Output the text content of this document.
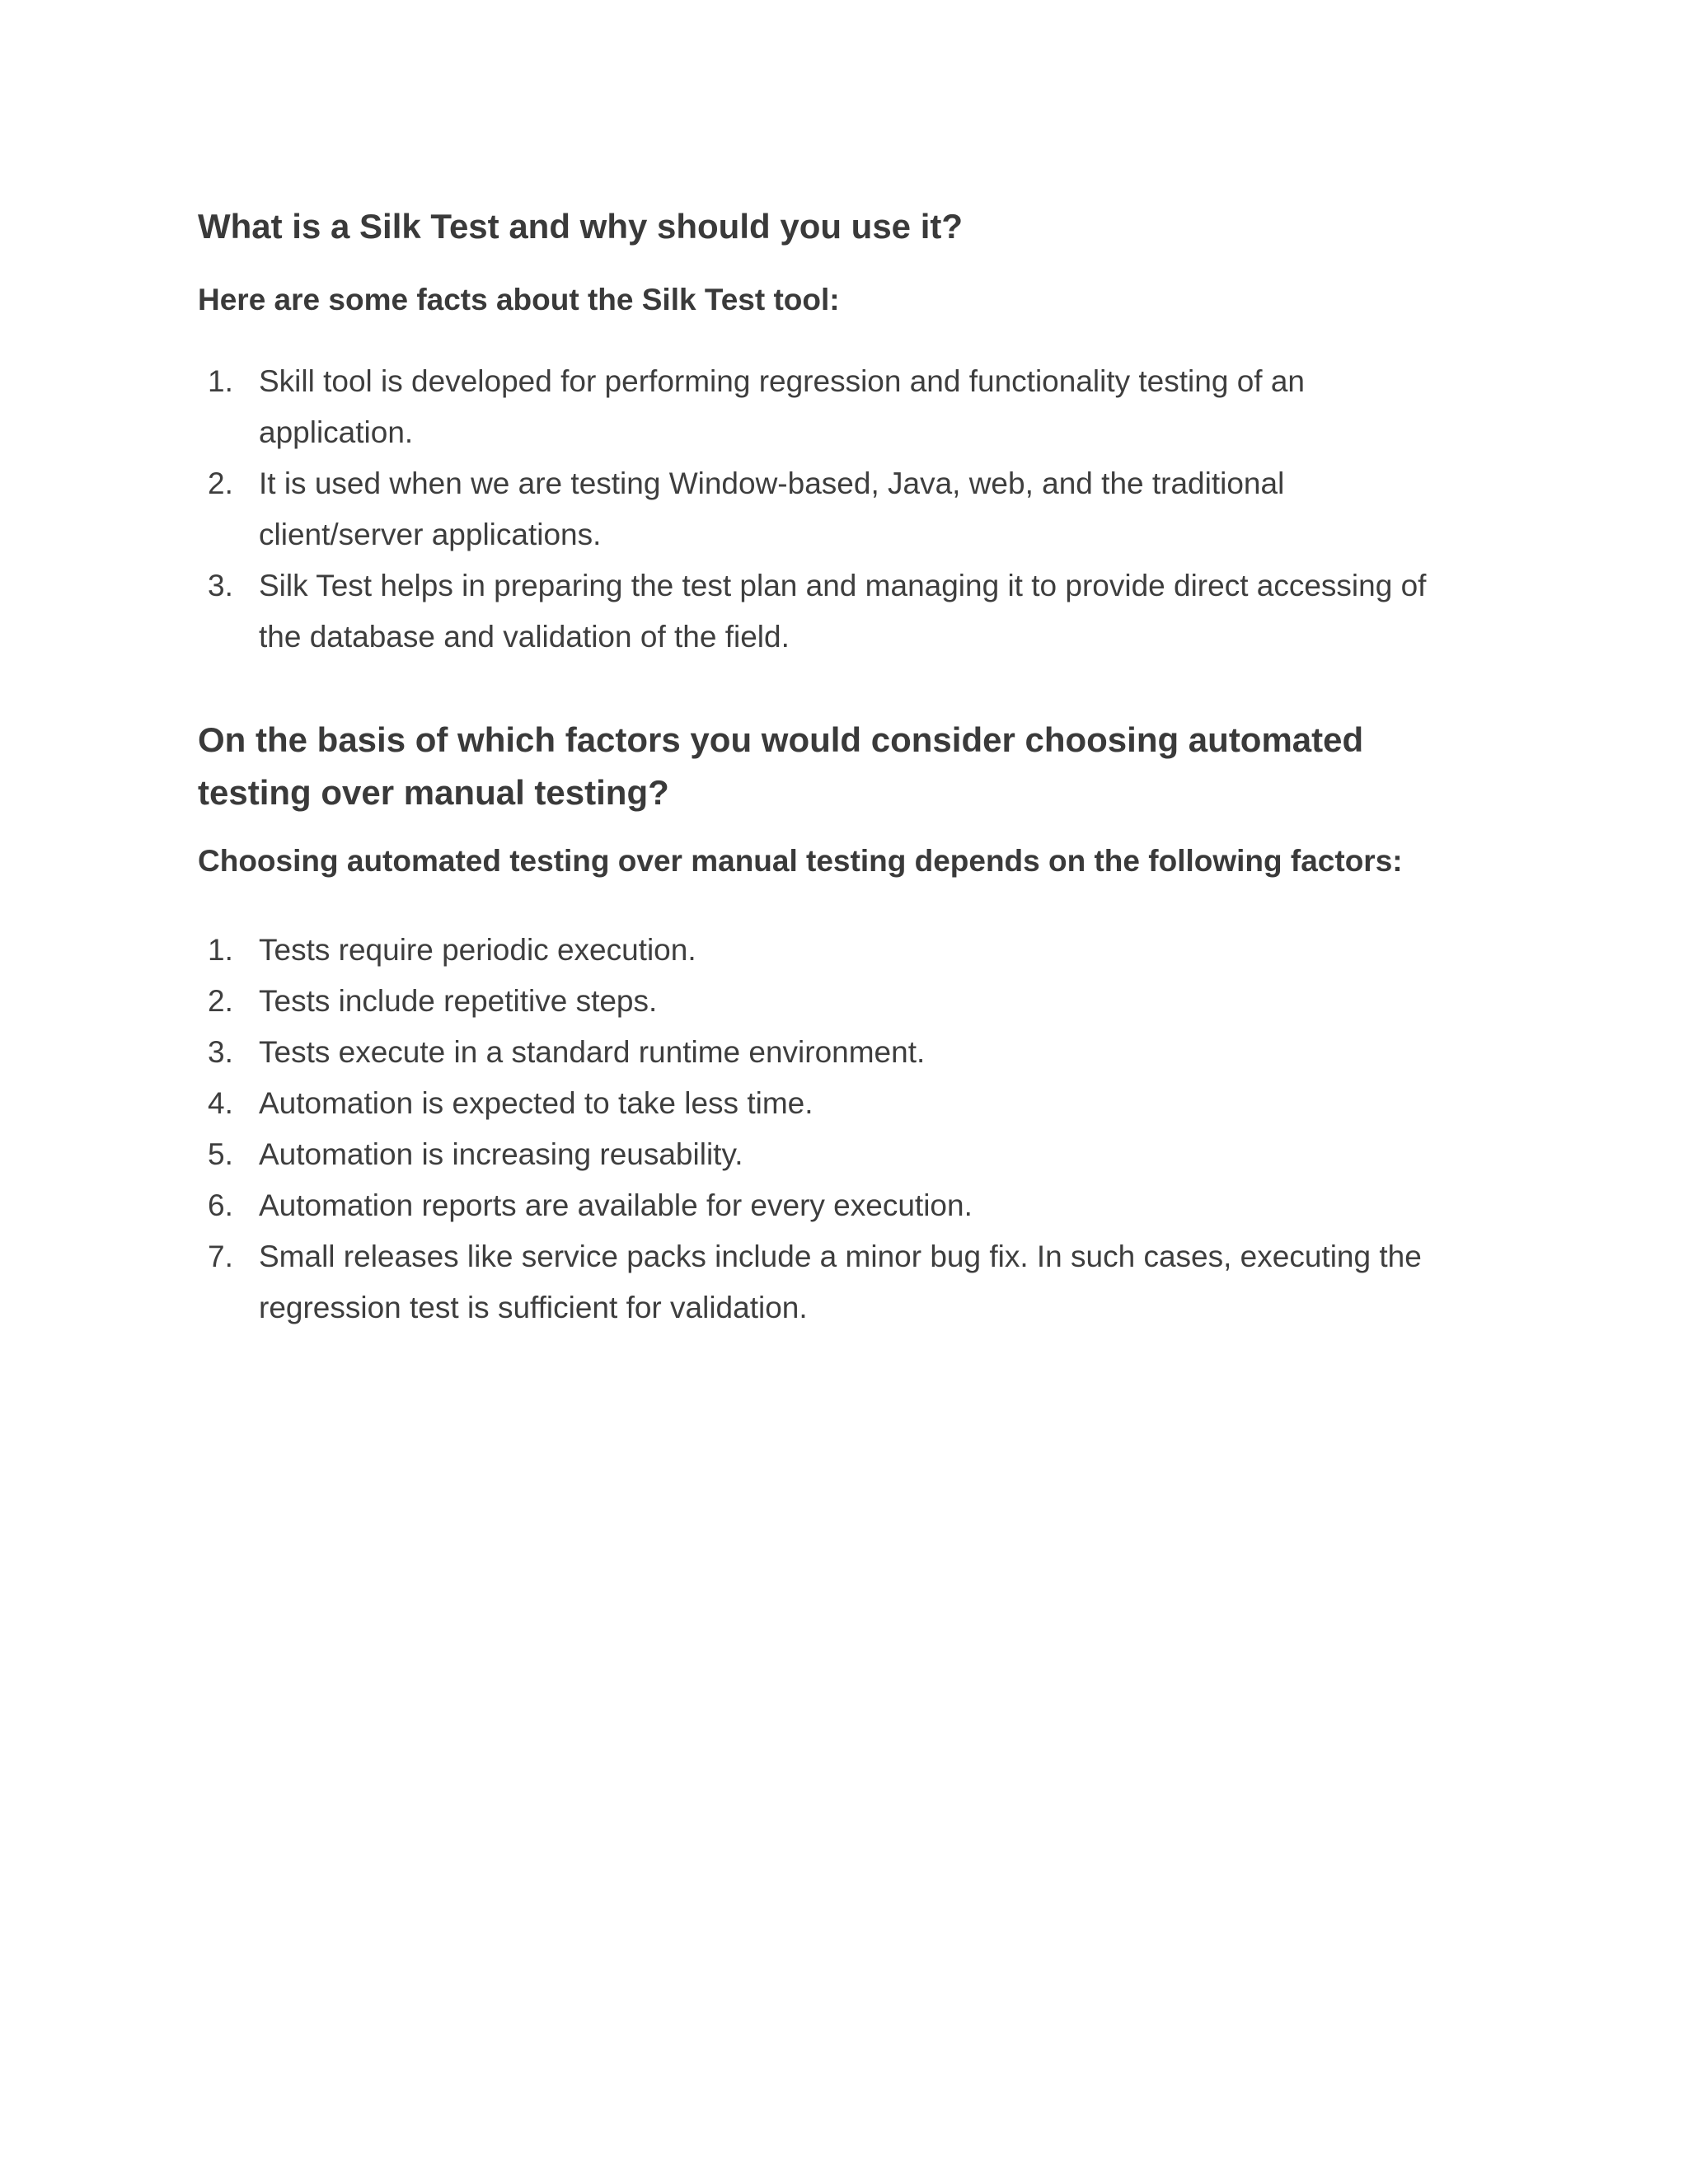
What is a Silk Test and why should you use it?

Here are some facts about the Silk Test tool:

1. Skill tool is developed for performing regression and functionality testing of an application.
2. It is used when we are testing Window-based, Java, web, and the traditional client/server applications.
3. Silk Test helps in preparing the test plan and managing it to provide direct accessing of the database and validation of the field.
On the basis of which factors you would consider choosing automated testing over manual testing?

Choosing automated testing over manual testing depends on the following factors:

1. Tests require periodic execution.
2. Tests include repetitive steps.
3. Tests execute in a standard runtime environment.
4. Automation is expected to take less time.
5. Automation is increasing reusability.
6. Automation reports are available for every execution.
7. Small releases like service packs include a minor bug fix. In such cases, executing the regression test is sufficient for validation.
